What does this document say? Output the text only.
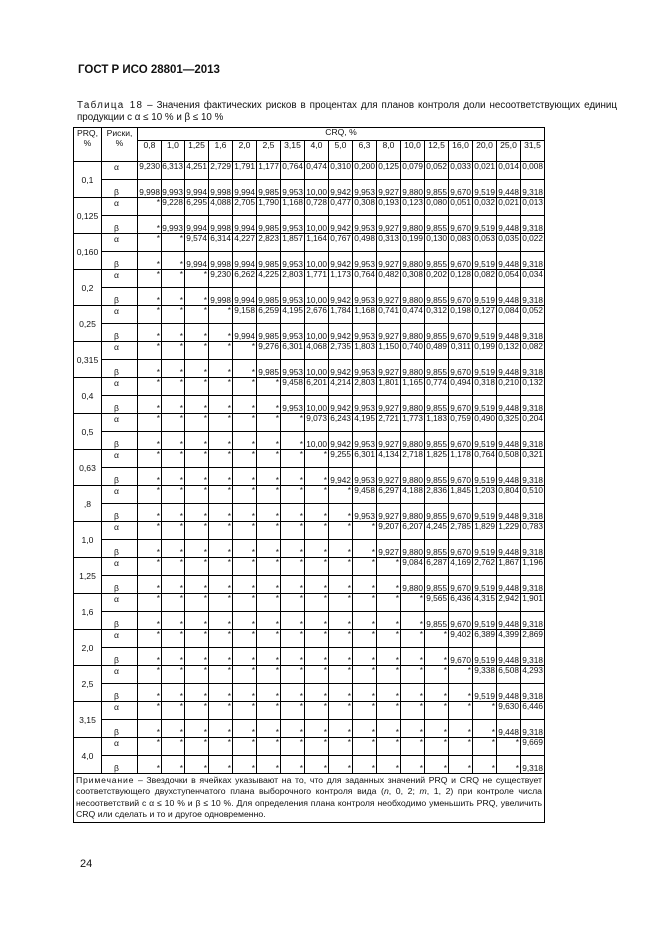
ГОСТ Р ИСО 28801—2013
Таблица 18 – Значения фактических рисков в процентах для планов контроля доли несоответствующих единиц продукции с α ≤ 10 % и β ≤ 10 %
PRQ, %	Риски, %	CRQ, %																
		0,8	1,0	1,25	1,6	2,0	2,5	3,15	4,0	5,0	6,3	8,0	10,0	12,5	16,0	20,0	25,0	31,5
0,1	α	9,230	6,313	4,251	2,729	1,791	1,177	0,764	0,474	0,310	0,200	0,125	0,079	0,052	0,033	0,021	0,014	0,008
	β	9,998	9,993	9,994	9,998	9,994	9,985	9,953	10,00	9,942	9,953	9,927	9,880	9,855	9,670	9,519	9,448	9,318
0,125	α	*	9,228	6,295	4,088	2,705	1,790	1,168	0,728	0,477	0,308	0,193	0,123	0,080	0,051	0,032	0,021	0,013
	β	*	9,993	9,994	9,998	9,994	9,985	9,953	10,00	9,942	9,953	9,927	9,880	9,855	9,670	9,519	9,448	9,318
0,160	α	*	*	9,574	6,314	4,227	2,823	1,857	1,164	0,767	0,498	0,313	0,199	0,130	0,083	0,053	0,035	0,022
	β	*	*	9,994	9,998	9,994	9,985	9,953	10,00	9,942	9,953	9,927	9,880	9,855	9,670	9,519	9,448	9,318
0,2	α	*	*	*	9,230	6,262	4,225	2,803	1,771	1,173	0,764	0,482	0,308	0,202	0,128	0,082	0,054	0,034
	β	*	*	*	9,998	9,994	9,985	9,953	10,00	9,942	9,953	9,927	9,880	9,855	9,670	9,519	9,448	9,318
0,25	α	*	*	*	*	9,158	6,259	4,195	2,676	1,784	1,168	0,741	0,474	0,312	0,198	0,127	0,084	0,052
	β	*	*	*	*	9,994	9,985	9,953	10,00	9,942	9,953	9,927	9,880	9,855	9,670	9,519	9,448	9,318
0,315	α	*	*	*	*	*	9,276	6,301	4,068	2,735	1,803	1,150	0,740	0,489	0,311	0,199	0,132	0,082
	β	*	*	*	*	*	9,985	9,953	10,00	9,942	9,953	9,927	9,880	9,855	9,670	9,519	9,448	9,318
0,4	α	*	*	*	*	*	*	9,458	6,201	4,214	2,803	1,801	1,165	0,774	0,494	0,318	0,210	0,132
	β	*	*	*	*	*	*	9,953	10,00	9,942	9,953	9,927	9,880	9,855	9,670	9,519	9,448	9,318
0,5	α	*	*	*	*	*	*	*	9,073	6,243	4,195	2,721	1,773	1,183	0,759	0,490	0,325	0,204
	β	*	*	*	*	*	*	*	10,00	9,942	9,953	9,927	9,880	9,855	9,670	9,519	9,448	9,318
0,63	α	*	*	*	*	*	*	*	*	9,255	6,301	4,134	2,718	1,825	1,178	0,764	0,508	0,321
	β	*	*	*	*	*	*	*	*	9,942	9,953	9,927	9,880	9,855	9,670	9,519	9,448	9,318
,8	α	*	*	*	*	*	*	*	*	*	9,458	6,297	4,188	2,836	1,845	1,203	0,804	0,510
	β	*	*	*	*	*	*	*	*	*	9,953	9,927	9,880	9,855	9,670	9,519	9,448	9,318
1,0	α	*	*	*	*	*	*	*	*	*	*	9,207	6,207	4,245	2,785	1,829	1,229	0,783
	β	*	*	*	*	*	*	*	*	*	*	9,927	9,880	9,855	9,670	9,519	9,448	9,318
1,25	α	*	*	*	*	*	*	*	*	*	*	*	9,084	6,287	4,169	2,762	1,867	1,196
	β	*	*	*	*	*	*	*	*	*	*	*	9,880	9,855	9,670	9,519	9,448	9,318
1,6	α	*	*	*	*	*	*	*	*	*	*	*	*	9,565	6,436	4,315	2,942	1,901
	β	*	*	*	*	*	*	*	*	*	*	*	*	9,855	9,670	9,519	9,448	9,318
2,0	α	*	*	*	*	*	*	*	*	*	*	*	*	*	9,402	6,389	4,399	2,869
	β	*	*	*	*	*	*	*	*	*	*	*	*	*	9,670	9,519	9,448	9,318
2,5	α	*	*	*	*	*	*	*	*	*	*	*	*	*	*	9,338	6,508	4,293
	β	*	*	*	*	*	*	*	*	*	*	*	*	*	*	9,519	9,448	9,318
3,15	α	*	*	*	*	*	*	*	*	*	*	*	*	*	*	*	9,630	6,446
	β	*	*	*	*	*	*	*	*	*	*	*	*	*	*	*	9,448	9,318
4,0	α	*	*	*	*	*	*	*	*	*	*	*	*	*	*	*	*	9,669
	β	*	*	*	*	*	*	*	*	*	*	*	*	*	*	*	*	9,318
Примечание – Звездочки в ячейках указывают на то, что для заданных значений PRQ и CRQ не существует соответствующего двухступенчатого плана выборочного контроля вида (n, 0, 2; m, 1, 2) при контроле числа несоответствий с α ≤ 10 % и β ≤ 10 %. Для определения плана контроля необходимо уменьшить PRQ, увеличить CRQ или сделать и то и другое одновременно.																		
24
